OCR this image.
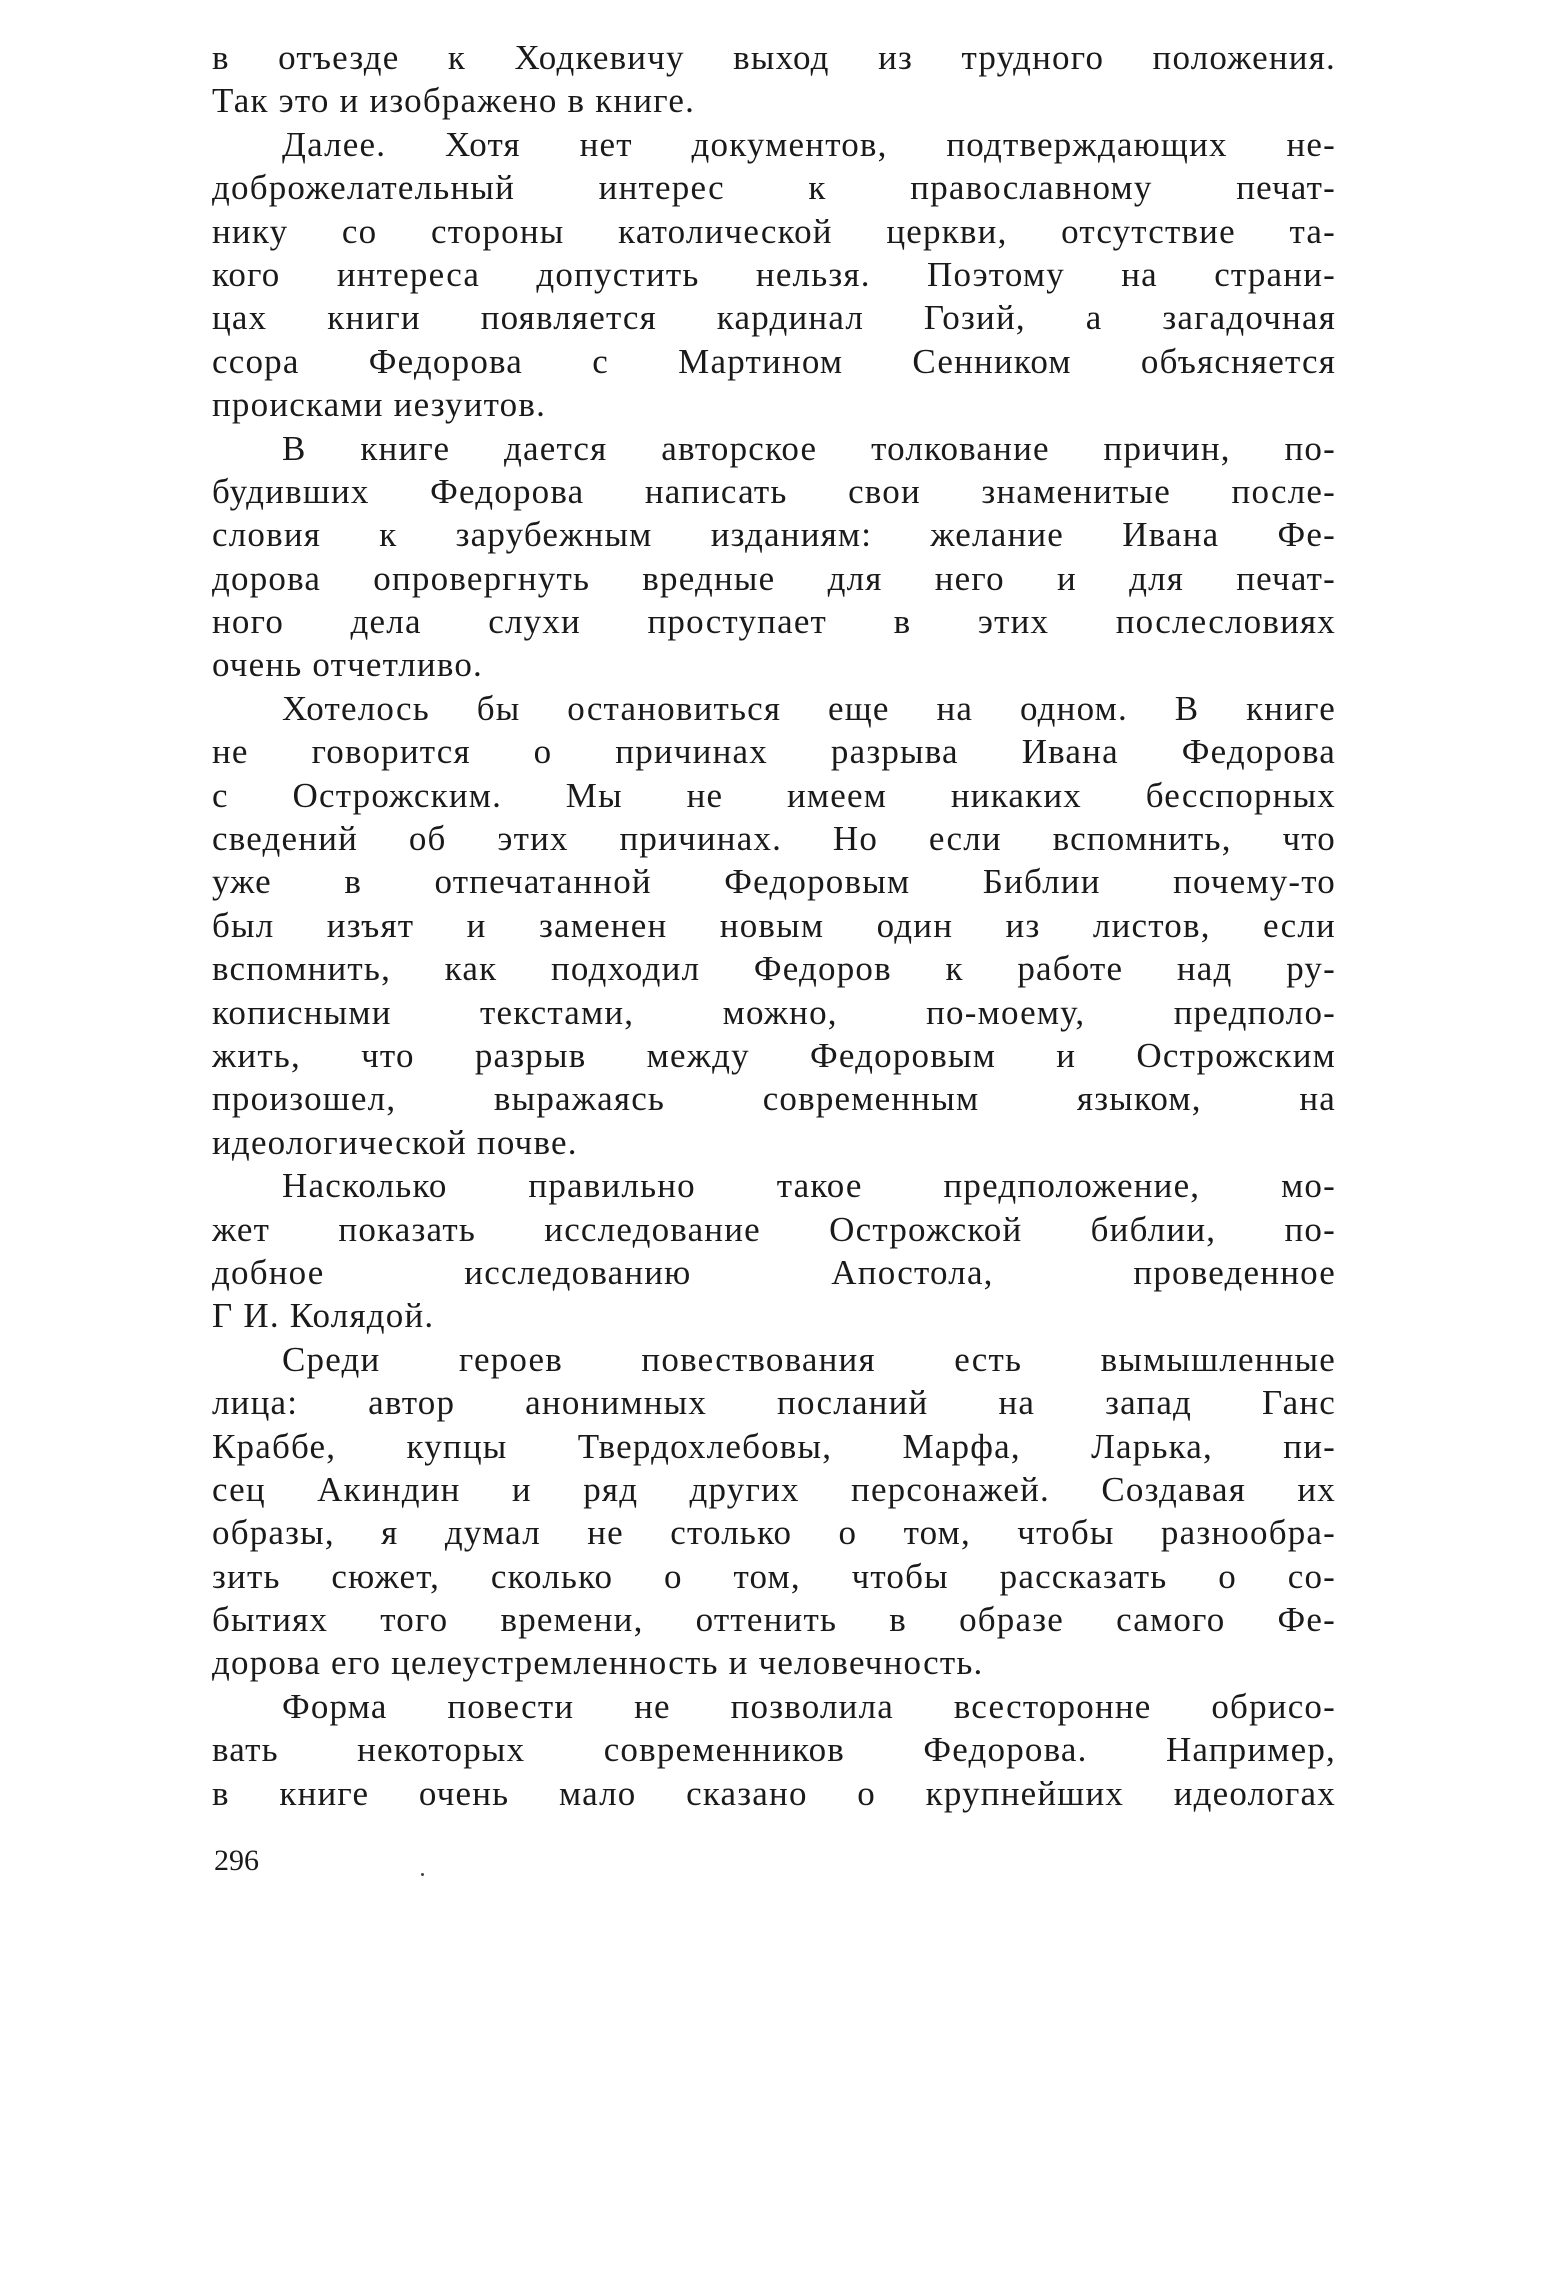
в отъезде к Ходкевичу выход из трудного положения.
Так это и изображено в книге.
Далее. Хотя нет документов, подтверждающих не-
доброжелательный интерес к православному печат-
нику со стороны католической церкви, отсутствие та-
кого интереса допустить нельзя. Поэтому на страни-
цах книги появляется кардинал Гозий, а загадочная
ссора Федорова с Мартином Сенником объясняется
происками иезуитов.
В книге дается авторское толкование причин, по-
будивших Федорова написать свои знаменитые после-
словия к зарубежным изданиям: желание Ивана Фе-
дорова опровергнуть вредные для него и для печат-
ного дела слухи проступает в этих послесловиях
очень отчетливо.
Хотелось бы остановиться еще на одном. В книге
не говорится о причинах разрыва Ивана Федорова
с Острожским. Мы не имеем никаких бесспорных
сведений об этих причинах. Но если вспомнить, что
уже в отпечатанной Федоровым Библии почему-то
был изъят и заменен новым один из листов, если
вспомнить, как подходил Федоров к работе над ру-
кописными текстами, можно, по-моему, предполо-
жить, что разрыв между Федоровым и Острожским
произошел, выражаясь современным языком, на
идеологической почве.
Насколько правильно такое предположение, мо-
жет показать исследование Острожской библии, по-
добное исследованию Апостола, проведенное
Г И. Колядой.
Среди героев повествования есть вымышленные
лица: автор анонимных посланий на запад Ганс
Краббе, купцы Твердохлебовы, Марфа, Ларька, пи-
сец Акиндин и ряд других персонажей. Создавая их
образы, я думал не столько о том, чтобы разнообра-
зить сюжет, сколько о том, чтобы рассказать о со-
бытиях того времени, оттенить в образе самого Фе-
дорова его целеустремленность и человечность.
Форма повести не позволила всесторонне обрисо-
вать некоторых современников Федорова. Например,
в книге очень мало сказано о крупнейших идеологах
296
